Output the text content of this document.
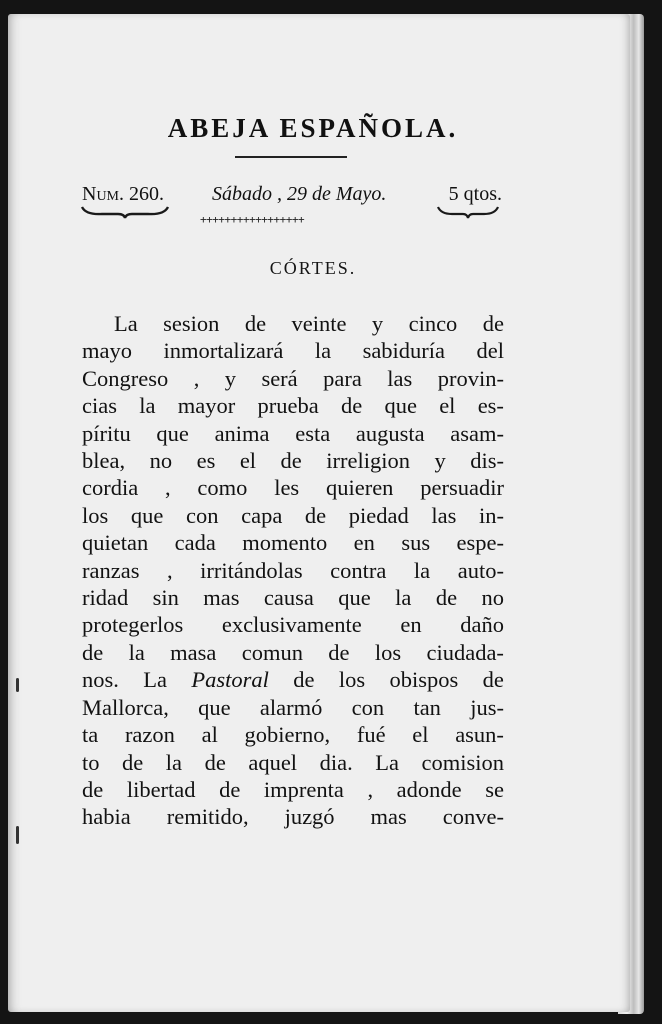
ABEJA ESPAÑOLA.
Num. 260. Sábado , 29 de Mayo.	5 qtos.
+++++++++++++++++
CÓRTES.
La sesion de veinte y cinco de
mayo inmortalizará la sabiduría del
Congreso , y será para las provin-
cias la mayor prueba de que el es-
píritu que anima esta augusta asam-
blea, no es el de irreligion y dis-
cordia , como les quieren persuadir
los que con capa de piedad las in-
quietan cada momento en sus espe-
ranzas , irritándolas contra la auto-
ridad sin mas causa que la de no
protegerlos exclusivamente en daño
de la masa comun de los ciudada-
nos. La Pastoral de los obispos de
Mallorca, que alarmó con tan jus-
ta razon al gobierno, fué el asun-
to de la de aquel dia. La comision
de libertad de imprenta , adonde se
habia remitido, juzgó mas conve-
